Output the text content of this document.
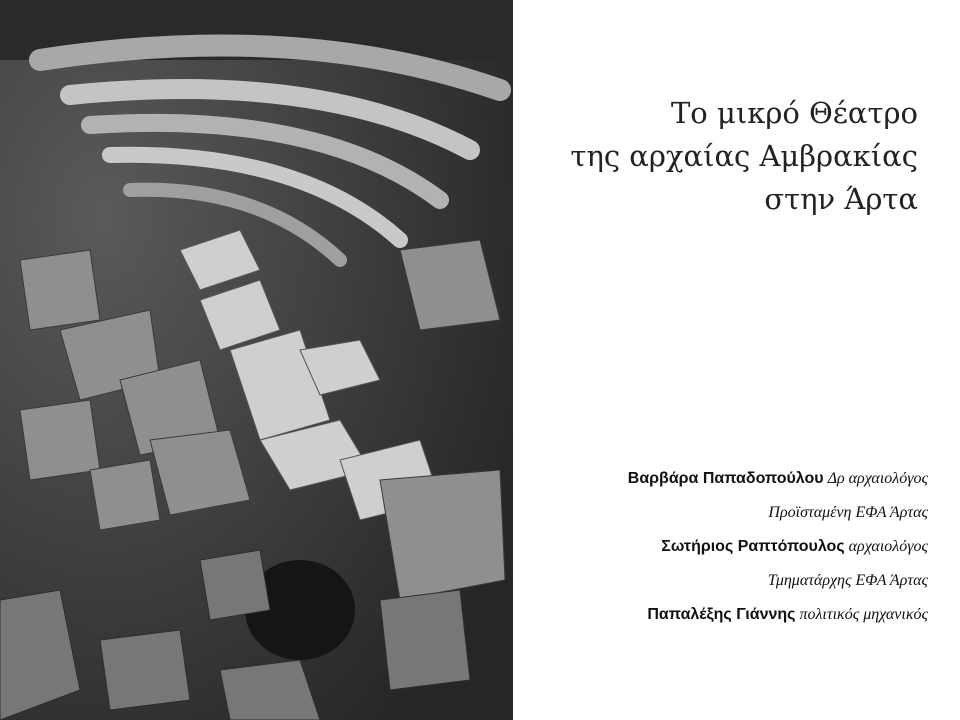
Το μικρό Θέατρο
της αρχαίας Αμβρακίας
στην Άρτα
Βαρβάρα Παπαδοπούλου Δρ αρχαιολόγος
Προϊσταμένη ΕΦΑ Άρτας
Σωτήριος Ραπτόπουλος αρχαιολόγος
Τμηματάρχης ΕΦΑ Άρτας
Παπαλέξης Γιάννης πολιτικός μηχανικός
